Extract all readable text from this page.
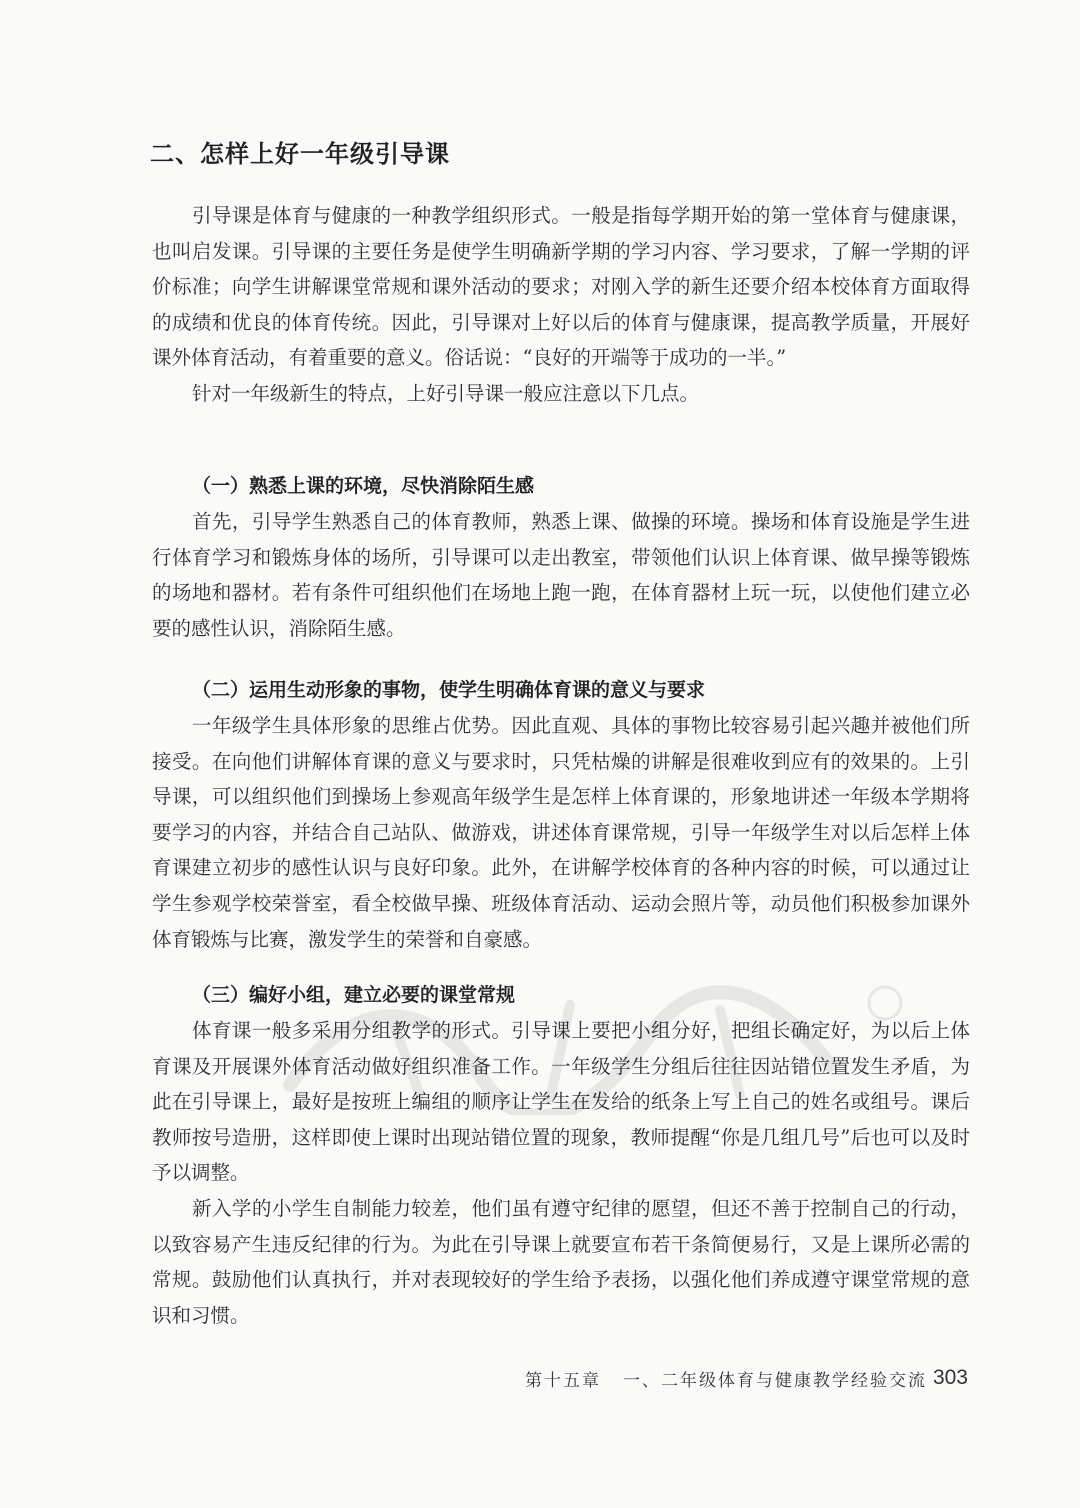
二、怎样上好一年级引导课

引导课是体育与健康的一种教学组织形式。一般是指每学期开始的第一堂体育与健康课，也叫启发课。引导课的主要任务是使学生明确新学期的学习内容、学习要求，了解一学期的评价标准；向学生讲解课堂常规和课外活动的要求；对刚入学的新生还要介绍本校体育方面取得的成绩和优良的体育传统。因此，引导课对上好以后的体育与健康课，提高教学质量，开展好课外体育活动，有着重要的意义。俗话说：“良好的开端等于成功的一半。”

针对一年级新生的特点，上好引导课一般应注意以下几点。

（一）熟悉上课的环境，尽快消除陌生感

首先，引导学生熟悉自己的体育教师，熟悉上课、做操的环境。操场和体育设施是学生进行体育学习和锻炼身体的场所，引导课可以走出教室，带领他们认识上体育课、做早操等锻炼的场地和器材。若有条件可组织他们在场地上跑一跑，在体育器材上玩一玩，以使他们建立必要的感性认识，消除陌生感。

（二）运用生动形象的事物，使学生明确体育课的意义与要求

一年级学生具体形象的思维占优势。因此直观、具体的事物比较容易引起兴趣并被他们所接受。在向他们讲解体育课的意义与要求时，只凭枯燥的讲解是很难收到应有的效果的。上引导课，可以组织他们到操场上参观高年级学生是怎样上体育课的，形象地讲述一年级本学期将要学习的内容，并结合自己站队、做游戏，讲述体育课常规，引导一年级学生对以后怎样上体育课建立初步的感性认识与良好印象。此外，在讲解学校体育的各种内容的时候，可以通过让学生参观学校荣誉室，看全校做早操、班级体育活动、运动会照片等，动员他们积极参加课外体育锻炼与比赛，激发学生的荣誉和自豪感。

（三）编好小组，建立必要的课堂常规

体育课一般多采用分组教学的形式。引导课上要把小组分好，把组长确定好，为以后上体育课及开展课外体育活动做好组织准备工作。一年级学生分组后往往因站错位置发生矛盾，为此在引导课上，最好是按班上编组的顺序让学生在发给的纸条上写上自己的姓名或组号。课后教师按号造册，这样即使上课时出现站错位置的现象，教师提醒“你是几组几号”后也可以及时予以调整。

新入学的小学生自制能力较差，他们虽有遵守纪律的愿望，但还不善于控制自己的行动，以致容易产生违反纪律的行为。为此在引导课上就要宣布若干条简便易行，又是上课所必需的常规。鼓励他们认真执行，并对表现较好的学生给予表扬，以强化他们养成遵守课堂常规的意识和习惯。

第十五章 一、二年级体育与健康教学经验交流 303
